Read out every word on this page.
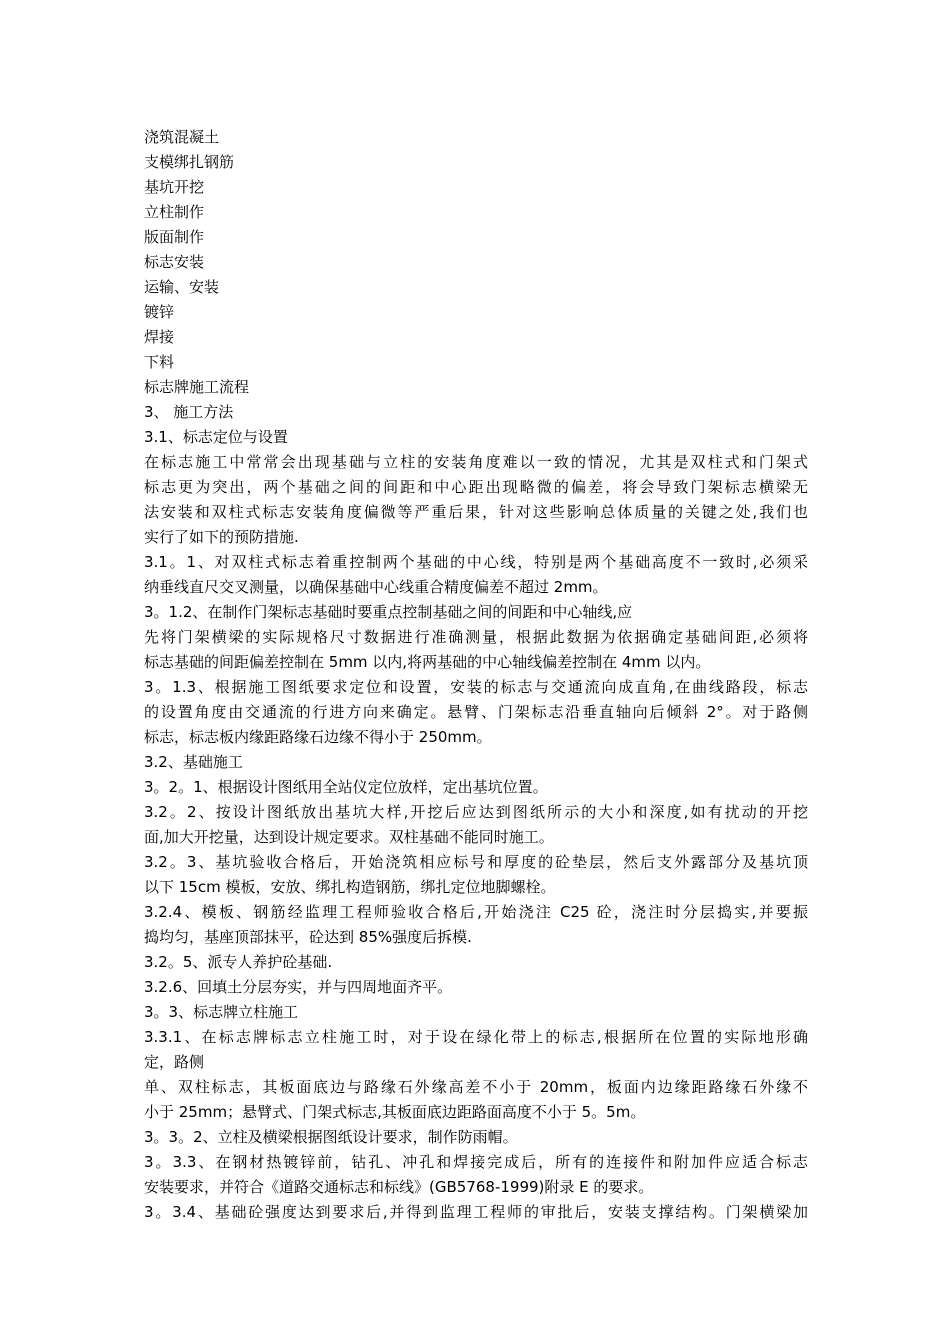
浇筑混凝土
支模绑扎钢筋
基坑开挖
立柱制作
版面制作
标志安装
运输、安装
镀锌
焊接
下料
标志牌施工流程
3、 施工方法
3.1、标志定位与设置
在标志施工中常常会出现基础与立柱的安装角度难以一致的情况，尤其是双柱式和门架式
标志更为突出，两个基础之间的间距和中心距出现略微的偏差，将会导致门架标志横梁无
法安装和双柱式标志安装角度偏微等严重后果，针对这些影响总体质量的关键之处,我们也
实行了如下的预防措施.
3.1。1、对双柱式标志着重控制两个基础的中心线，特别是两个基础高度不一致时,必须采
纳垂线直尺交叉测量，以确保基础中心线重合精度偏差不超过 2mm。
3。1.2、在制作门架标志基础时要重点控制基础之间的间距和中心轴线,应
先将门架横梁的实际规格尺寸数据进行准确测量，根据此数据为依据确定基础间距,必须将
标志基础的间距偏差控制在 5mm 以内,将两基础的中心轴线偏差控制在 4mm 以内。
3。1.3、根据施工图纸要求定位和设置，安装的标志与交通流向成直角,在曲线路段，标志
的设置角度由交通流的行进方向来确定。悬臂、门架标志沿垂直轴向后倾斜 2°。对于路侧
标志，标志板内缘距路缘石边缘不得小于 250mm。
3.2、基础施工
3。2。1、根据设计图纸用全站仪定位放样，定出基坑位置。
3.2。2、按设计图纸放出基坑大样,开挖后应达到图纸所示的大小和深度,如有扰动的开挖
面,加大开挖量，达到设计规定要求。双柱基础不能同时施工。
3.2。3、基坑验收合格后，开始浇筑相应标号和厚度的砼垫层，然后支外露部分及基坑顶
以下 15cm 模板，安放、绑扎构造钢筋，绑扎定位地脚螺栓。
3.2.4、模板、钢筋经监理工程师验收合格后,开始浇注 C25 砼，浇注时分层捣实,并要振
捣均匀，基座顶部抹平，砼达到 85%强度后拆模.
3.2。5、派专人养护砼基础.
3.2.6、回填土分层夯实，并与四周地面齐平。
3。3、标志牌立柱施工
3.3.1、在标志牌标志立柱施工时，对于设在绿化带上的标志,根据所在位置的实际地形确
定，路侧
单、双柱标志，其板面底边与路缘石外缘高差不小于 20mm，板面内边缘距路缘石外缘不
小于 25mm；悬臂式、门架式标志,其板面底边距路面高度不小于 5。5m。
3。3。2、立柱及横梁根据图纸设计要求，制作防雨帽。
3。3.3、在钢材热镀锌前，钻孔、冲孔和焊接完成后，所有的连接件和附加件应适合标志
安装要求，并符合《道路交通标志和标线》(GB5768-1999)附录 E 的要求。
3。3.4、基础砼强度达到要求后,并得到监理工程师的审批后，安装支撑结构。门架横梁加
